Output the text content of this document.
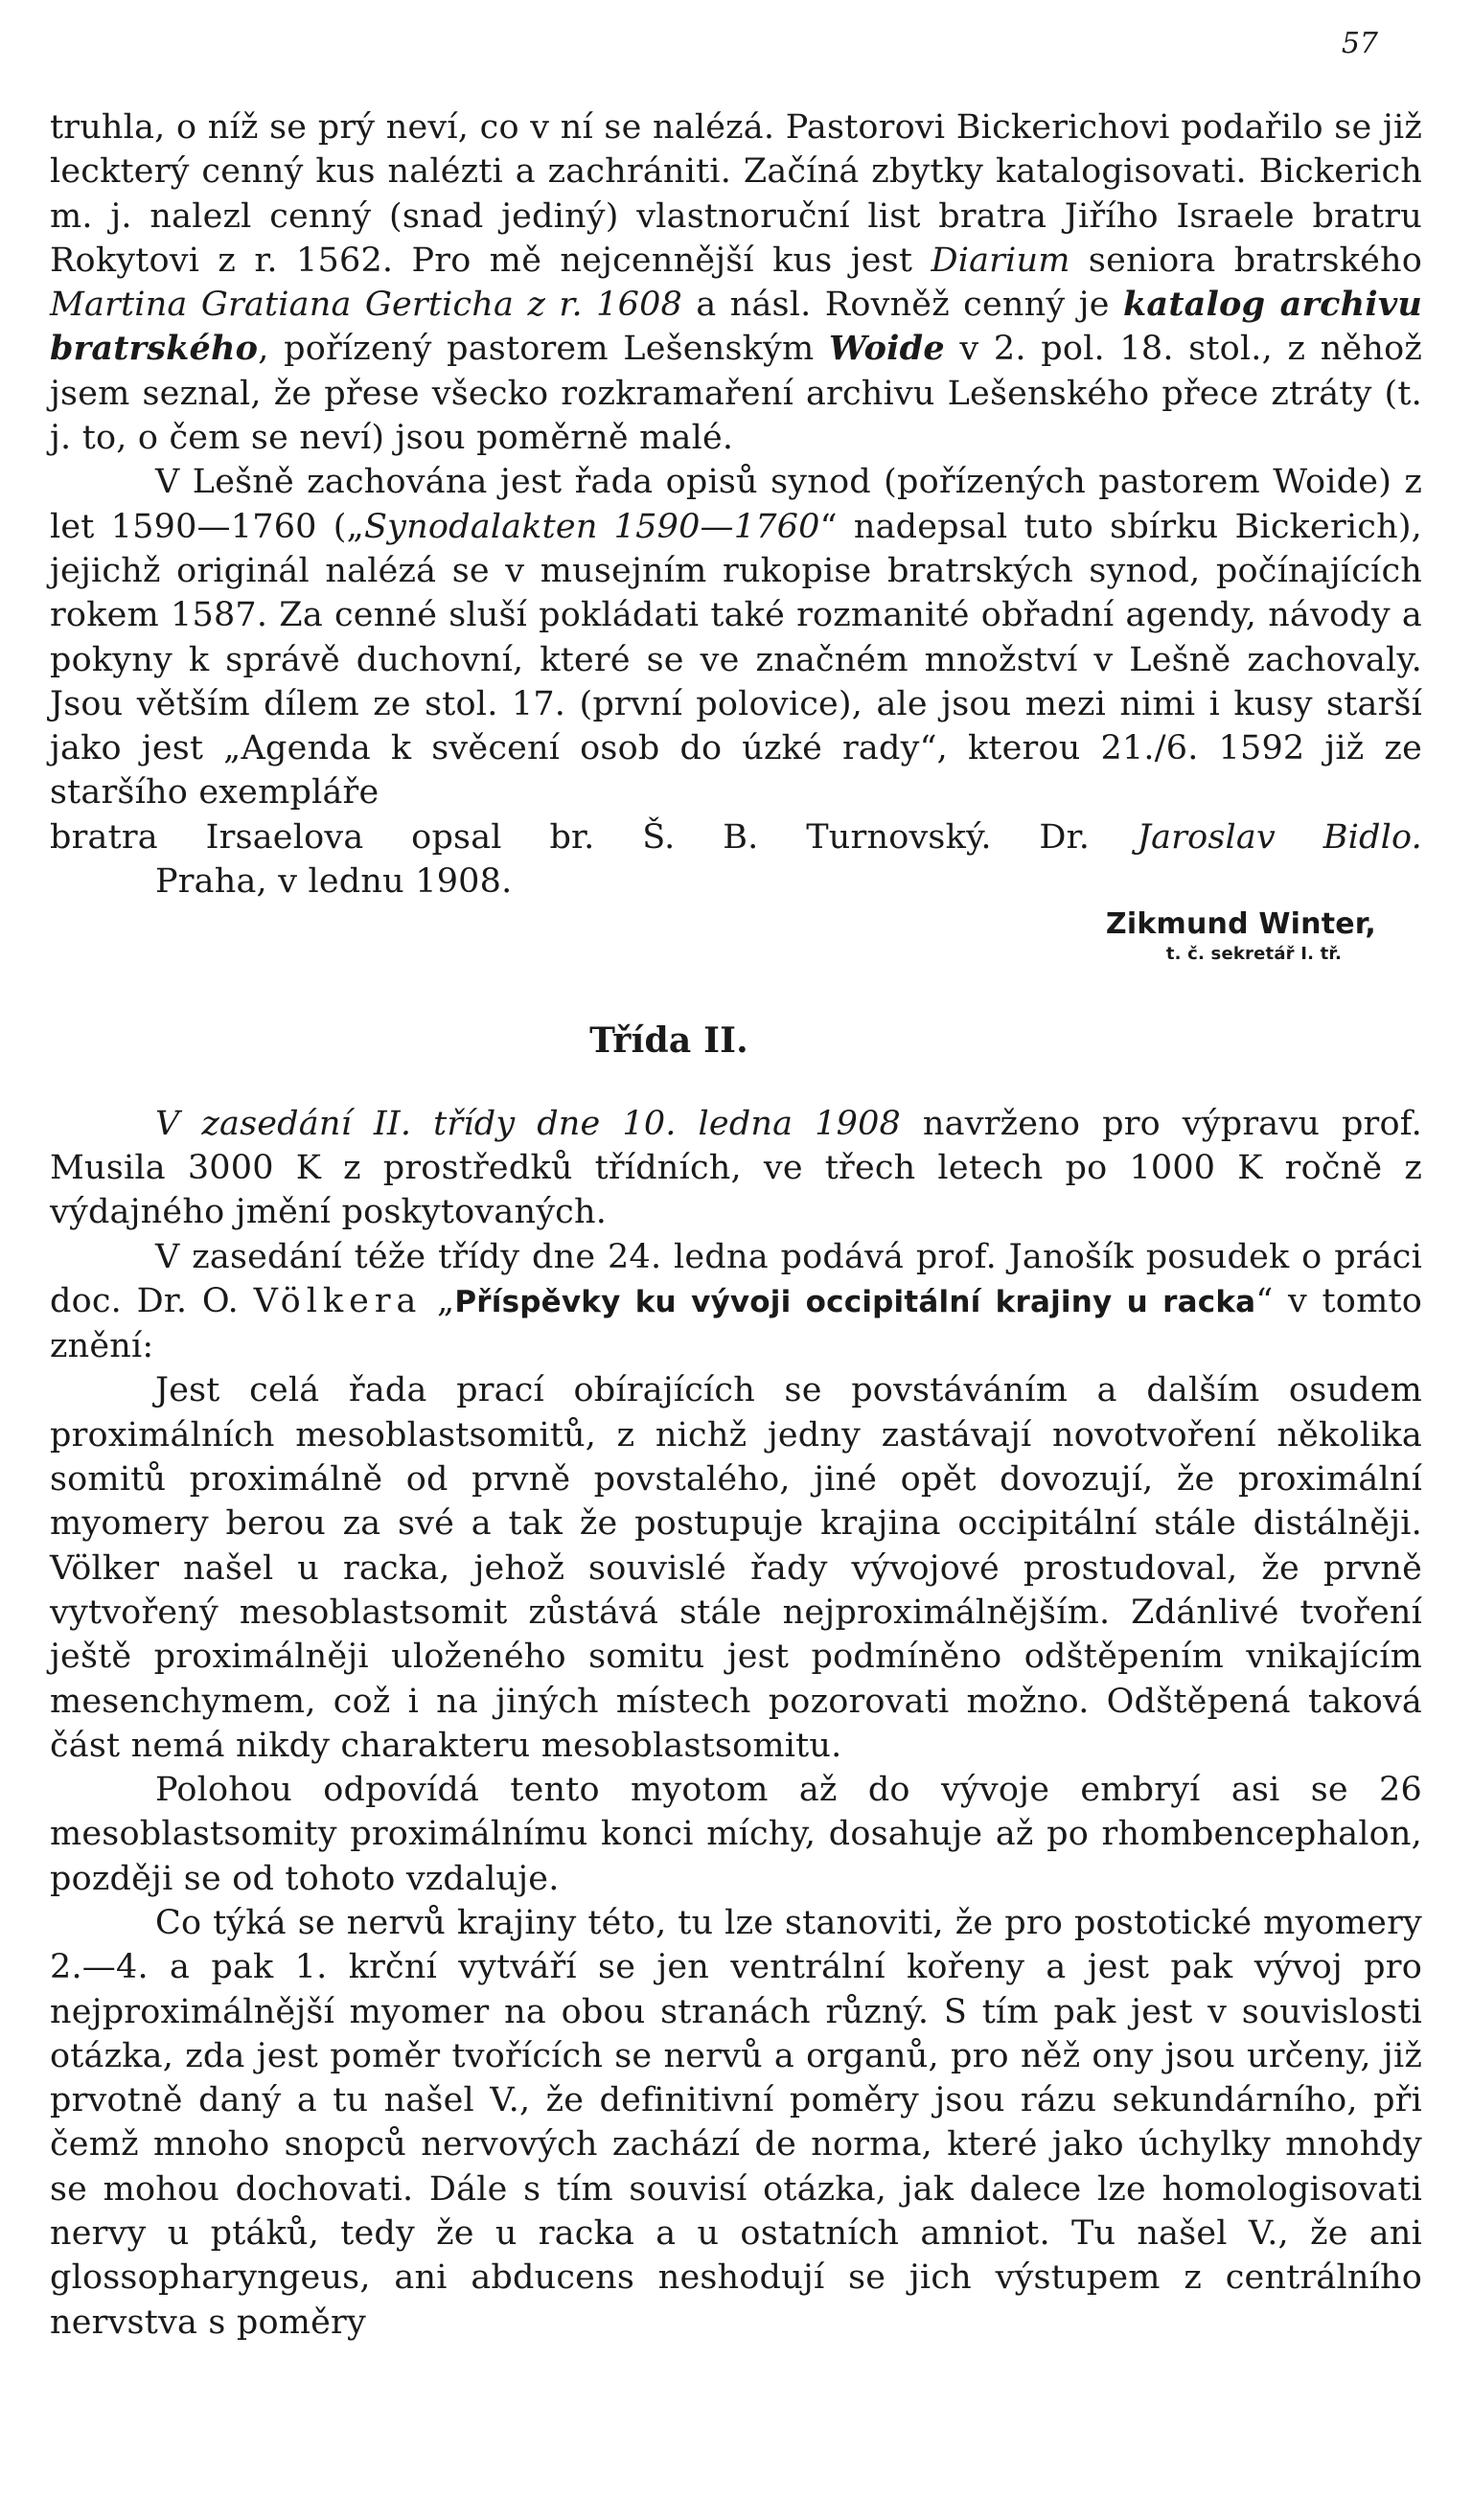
57

truhla, o níž se prý neví, co v ní se nalézá. Pastorovi Bickerichovi podařilo se již leckterý cenný kus nalézti a zachrániti. Začíná zbytky katalogisovati. Bickerich m. j. nalezl cenný (snad jediný) vlastnoruční list bratra Jiřího Israele bratru Rokytovi z r. 1562. Pro mě nejcennější kus jest Diarium seniora bratrského Martina Gratiana Gerticha z r. 1608 a násl. Rovněž cenný je katalog archivu bratrského, pořízený pastorem Lešenským Woide v 2. pol. 18. stol., z něhož jsem seznal, že přese všecko rozkramaření archivu Lešenského přece ztráty (t. j. to, o čem se neví) jsou poměrně malé.

V Lešně zachována jest řada opisů synod (pořízených pastorem Woide) z let 1590—1760 („Synodalakten 1590—1760“ nadepsal tuto sbírku Bickerich), jejichž originál nalézá se v musejním rukopise bratrských synod, počínajících rokem 1587. Za cenné sluší pokládati také rozmanité obřadní agendy, návody a pokyny k správě duchovní, které se ve značném množství v Lešně zachovaly. Jsou větším dílem ze stol. 17. (první polovice), ale jsou mezi nimi i kusy starší jako jest „Agenda k svěcení osob do úzké rady“, kterou 21./6. 1592 již ze staršího exempláře

bratra Irsaelova opsal br. Š. B. Turnovský. Dr. Jaroslav Bidlo.

Praha, v lednu 1908.

Zikmund Winter,
t. č. sekretář I. tř.
Třída II.

V zasedání II. třídy dne 10. ledna 1908 navrženo pro výpravu prof. Musila 3000 K z prostředků třídních, ve třech letech po 1000 K ročně z výdajného jmění poskytovaných.

V zasedání téže třídy dne 24. ledna podává prof. Janošík posudek o práci doc. Dr. O. Völkera „Příspěvky ku vývoji occipitální krajiny u racka“ v tomto znění:

Jest celá řada prací obírajících se povstáváním a dalším osudem proximálních mesoblastsomitů, z nichž jedny zastávají novotvoření několika somitů proximálně od prvně povstalého, jiné opět dovozují, že proximální myomery berou za své a tak že postupuje krajina occipitální stále distálněji. Völker našel u racka, jehož souvislé řady vývojové prostudoval, že prvně vytvořený mesoblastsomit zůstává stále nejproximálnějším. Zdánlivé tvoření ještě proximálněji uloženého somitu jest podmíněno odštěpením vnikajícím mesenchymem, což i na jiných místech pozorovati možno. Odštěpená taková část nemá nikdy charakteru mesoblastsomitu.

Polohou odpovídá tento myotom až do vývoje embryí asi se 26 mesoblastsomity proximálnímu konci míchy, dosahuje až po rhombencephalon, později se od tohoto vzdaluje.

Co týká se nervů krajiny této, tu lze stanoviti, že pro postotické myomery 2.—4. a pak 1. krční vytváří se jen ventrální kořeny a jest pak vývoj pro nejproximálnější myomer na obou stranách různý. S tím pak jest v souvislosti otázka, zda jest poměr tvořících se nervů a organů, pro něž ony jsou určeny, již prvotně daný a tu našel V., že definitivní poměry jsou rázu sekundárního, při čemž mnoho snopců nervových zachází de norma, které jako úchylky mnohdy se mohou dochovati. Dále s tím souvisí otázka, jak dalece lze homologisovati nervy u ptáků, tedy že u racka a u ostatních amniot. Tu našel V., že ani glossopharyngeus, ani abducens neshodují se jich výstupem z centrálního nervstva s poměry
